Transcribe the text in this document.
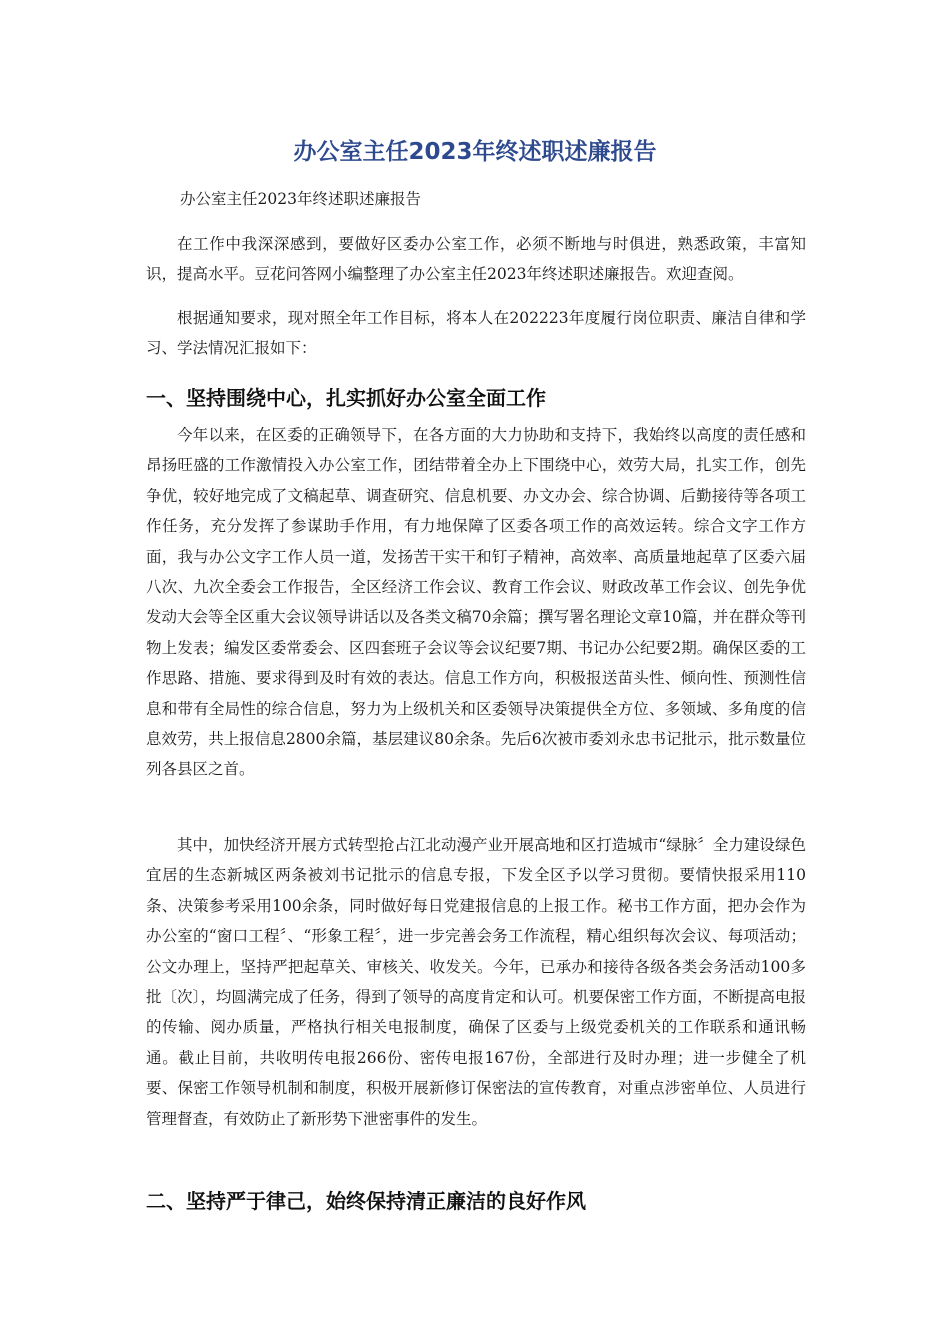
办公室主任2023年终述职述廉报告

办公室主任2023年终述职述廉报告

在工作中我深深感到，要做好区委办公室工作，必须不断地与时俱进，熟悉政策，丰富知识，提高水平。豆花问答网小编整理了办公室主任2023年终述职述廉报告。欢迎查阅。

根据通知要求，现对照全年工作目标，将本人在202223年度履行岗位职责、廉洁自律和学习、学法情况汇报如下：

一、坚持围绕中心，扎实抓好办公室全面工作

今年以来，在区委的正确领导下，在各方面的大力协助和支持下，我始终以高度的责任感和昂扬旺盛的工作激情投入办公室工作，团结带着全办上下围绕中心，效劳大局，扎实工作，创先争优，较好地完成了文稿起草、调查研究、信息机要、办文办会、综合协调、后勤接待等各项工作任务，充分发挥了参谋助手作用，有力地保障了区委各项工作的高效运转。综合文字工作方面，我与办公文字工作人员一道，发扬苦干实干和钉子精神，高效率、高质量地起草了区委六届八次、九次全委会工作报告，全区经济工作会议、教育工作会议、财政改革工作会议、创先争优发动大会等全区重大会议领导讲话以及各类文稿70余篇；撰写署名理论文章10篇，并在群众等刊物上发表；编发区委常委会、区四套班子会议等会议纪要7期、书记办公纪要2期。确保区委的工作思路、措施、要求得到及时有效的表达。信息工作方向，积极报送苗头性、倾向性、预测性信息和带有全局性的综合信息，努力为上级机关和区委领导决策提供全方位、多领域、多角度的信息效劳，共上报信息2800余篇，基层建议80余条。先后6次被市委刘永忠书记批示，批示数量位列各县区之首。

其中，加快经济开展方式转型抢占江北动漫产业开展高地和区打造城市“绿脉〞全力建设绿色宜居的生态新城区两条被刘书记批示的信息专报，下发全区予以学习贯彻。要情快报采用110条、决策参考采用100余条，同时做好每日党建报信息的上报工作。秘书工作方面，把办会作为办公室的“窗口工程〞、“形象工程〞，进一步完善会务工作流程，精心组织每次会议、每项活动；公文办理上，坚持严把起草关、审核关、收发关。今年，已承办和接待各级各类会务活动100多批〔次〕，均圆满完成了任务，得到了领导的高度肯定和认可。机要保密工作方面，不断提高电报的传输、阅办质量，严格执行相关电报制度，确保了区委与上级党委机关的工作联系和通讯畅通。截止目前，共收明传电报266份、密传电报167份，全部进行及时办理；进一步健全了机要、保密工作领导机制和制度，积极开展新修订保密法的宣传教育，对重点涉密单位、人员进行管理督查，有效防止了新形势下泄密事件的发生。

二、坚持严于律己，始终保持清正廉洁的良好作风
